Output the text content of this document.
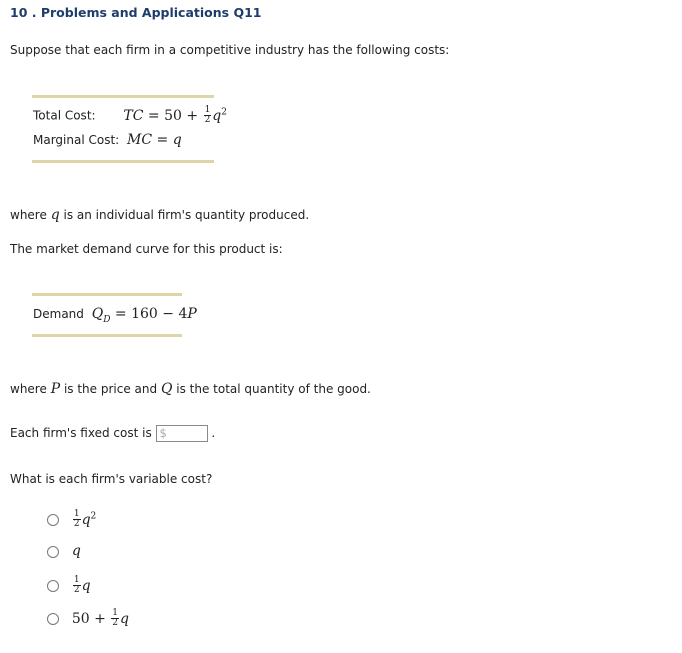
10 . Problems and Applications Q11
Suppose that each firm in a competitive industry has the following costs:
Total Cost: TC = $50 + \frac{1}{2} q^2$
Marginal Cost: MC = q
where q is an individual firm's quantity produced.
The market demand curve for this product is:
Demand $Q_D = 160 - 4P$
where P is the price and Q is the total quantity of the good.
Each firm's fixed cost is $	.
What is each firm's variable cost?

$\frac{1}{2} q^2$
q

$\frac{1}{2}$ q
$50 + \frac{1}{2}$ q
